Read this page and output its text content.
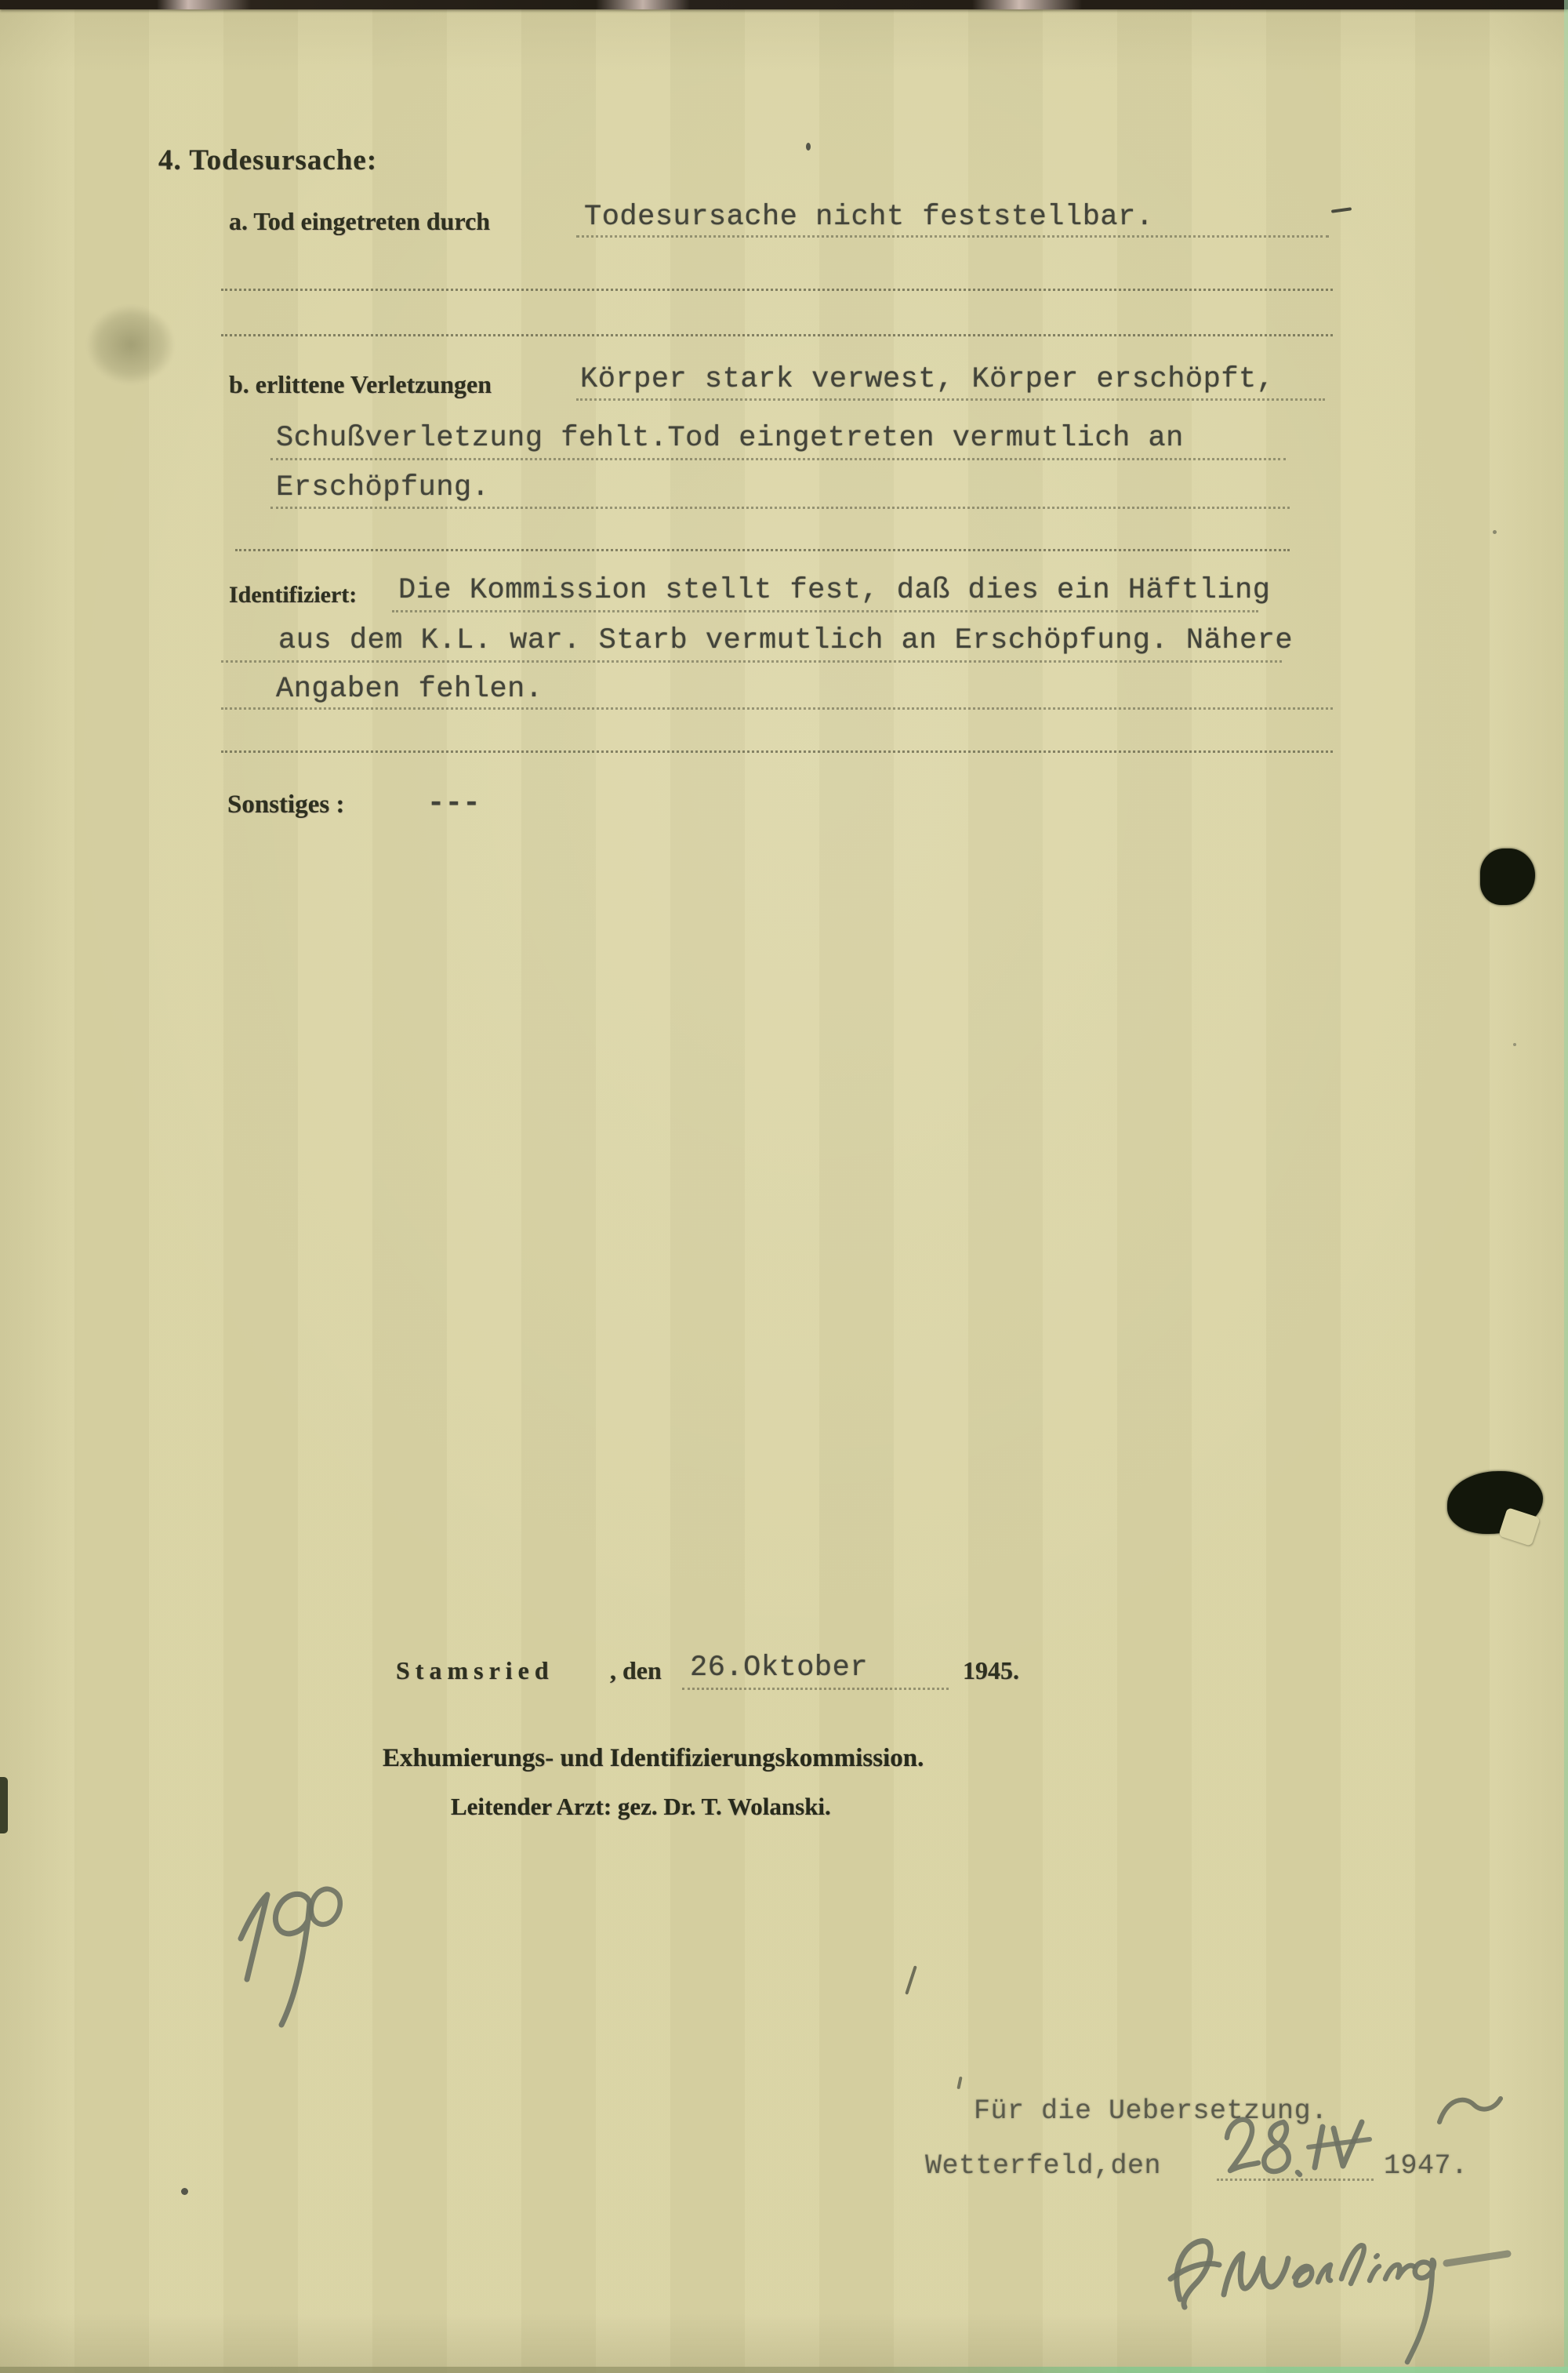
4. Todesursache:
a. Tod eingetreten durch	Todesursache nicht feststellbar.
b. erlittene Verletzungen	Körper stark verwest, Körper erschöpft,
Schußverletzung fehlt.Tod eingetreten vermutlich an
Erschöpfung.
Identifiziert: Die Kommission stellt fest, daß dies ein Häftling
aus dem K.L. war. Starb vermutlich an Erschöpfung. Nähere
Angaben fehlen.
Sonstiges :	---
Stamsried , den 26.Oktober	1945.
Exhumierungs- und Identifizierungskommission.
Leitender Arzt: gez. Dr. T. Wolanski.
Für die Uebersetzung.
Wetterfeld,den	1947.
